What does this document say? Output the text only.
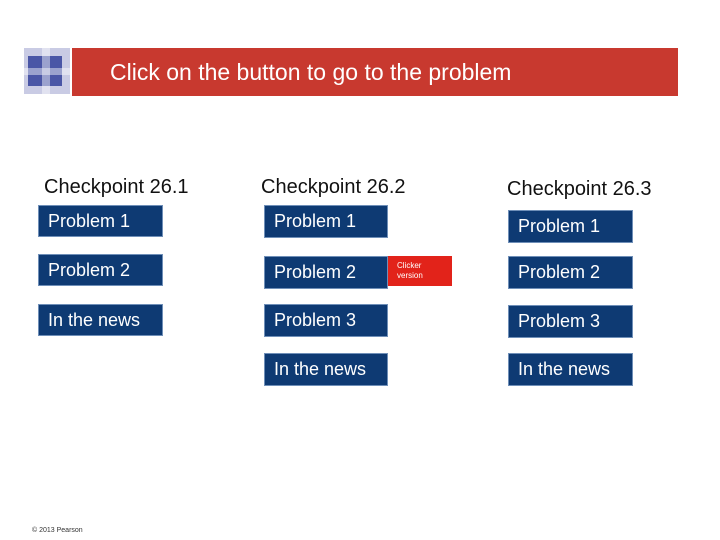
Click on the button to go to the problem
Checkpoint 26.1
Problem 1
Problem 2
In the news
Checkpoint 26.2
Problem 1
Problem 2
Problem 3
In the news
Clicker
version
Checkpoint 26.3
Problem 1
Problem 2
Problem 3
In the news
© 2013 Pearson
